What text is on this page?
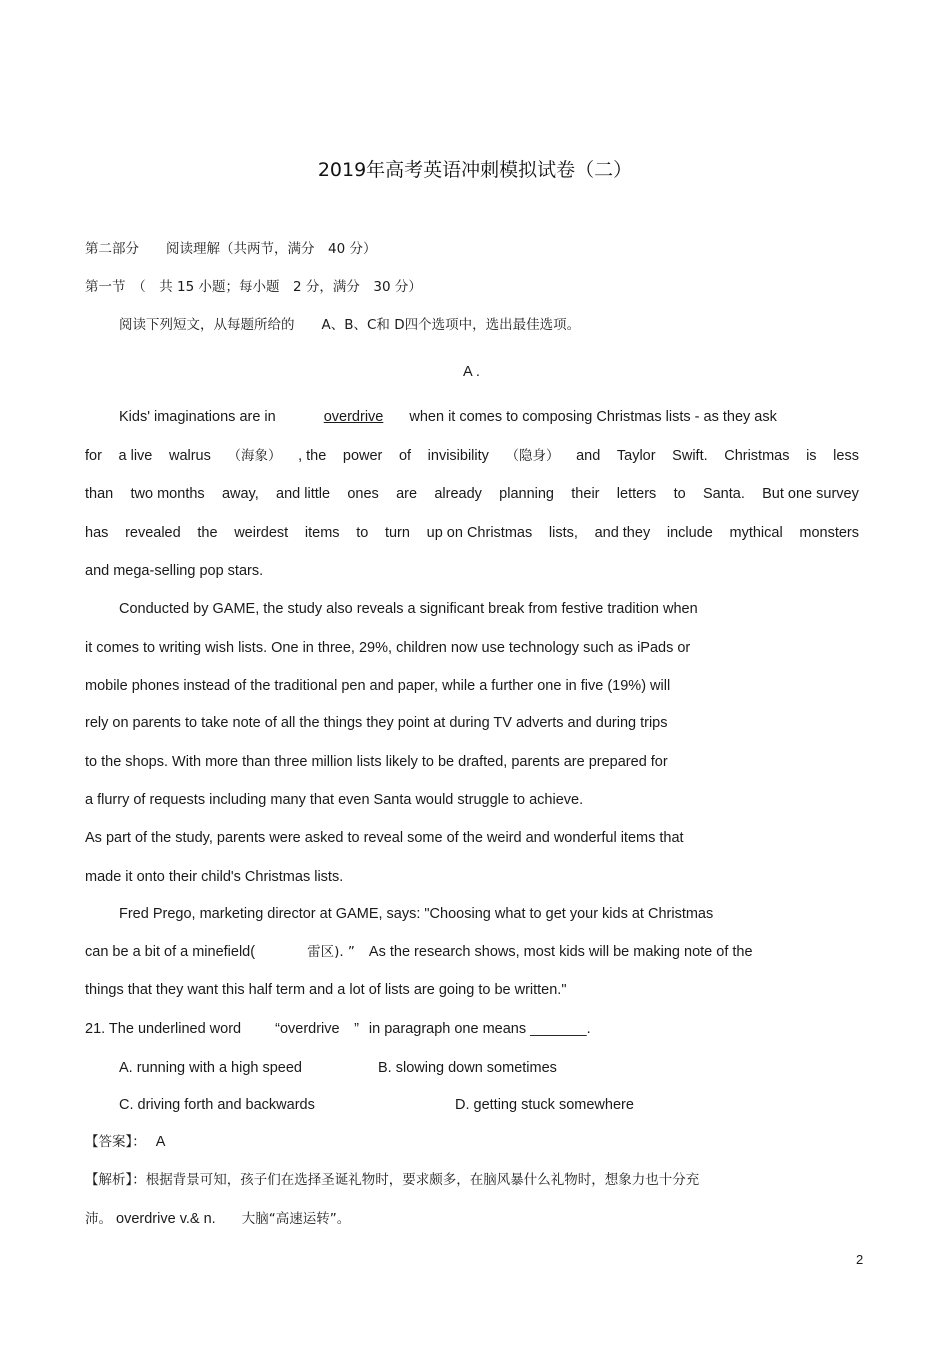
2019年高考英语冲刺模拟试卷（二）
第二部分　　阅读理解（共两节，满分　40 分）
第一节　（　共 15 小题；每小题　2 分，满分　30 分）
阅读下列短文，从每题所给的　　A、B、C和 D四个选项中，选出最佳选项。
A .
Kids' imaginations are in	overdrive when it comes to composing Christmas lists - as they ask
for a live walrus （海象） , the power of invisibility （隐身） and Taylor Swift. Christmas is less
than two months away, and little ones are already planning their letters to Santa. But one survey
has revealed the weirdest items to turn up on Christmas lists, and they include mythical monsters
and mega-selling pop stars.
Conducted by GAME, the study also reveals a significant break from festive tradition when
it comes to writing wish lists. One in three, 29%, children now use technology such as iPads or
mobile phones instead of the traditional pen and paper, while a further one in five (19%) will
rely on parents to take note of all the things they point at during TV adverts and during trips
to the shops. With more than three million lists likely to be drafted, parents are prepared for
a flurry of requests including many that even Santa would struggle to achieve.
As part of the study, parents were asked to reveal some of the weird and wonderful items that
made it onto their child's Christmas lists.
Fred Prego, marketing director at GAME, says: "Choosing what to get your kids at Christmas
can be a bit of a minefield(	雷区). ” As the research shows, most kids will be making note of the
things that they want this half term and a lot of lists are going to be written."
21. The underlined word “overdrive　” in paragraph one means _______.
A. running with a high speed	B. slowing down sometimes
C. driving forth and backwards	D. getting stuck somewhere
【答案】： A
【解析】：根据背景可知，孩子们在选择圣诞礼物时，要求颇多，在脑风暴什么礼物时，想象力也十分充
沛。 overdrive v.& n. 大脑“高速运转”。
2
